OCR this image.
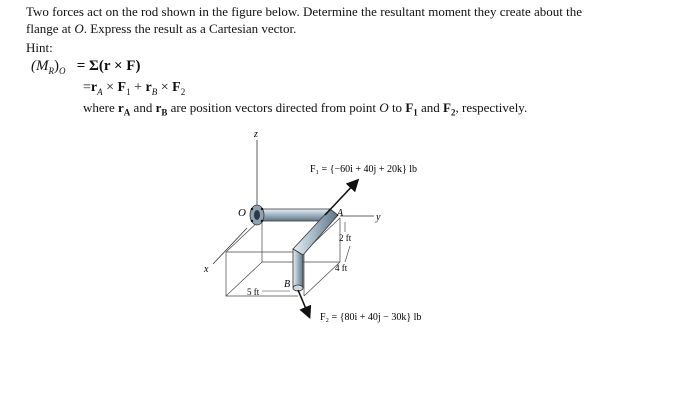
Two forces act on the rod shown in the figure below. Determine the resultant moment they create about the
flange at O. Express the result as a Cartesian vector.
Hint:
$(M_R)_O = \Sigma(r \times F)$
$=r_A \times F_1 + r_B \times F_2$
where $r_A$ and $r_B$ are position vectors directed from point O to $F_1$ and $F_2$, respectively.
F₁ = {−60i + 40j + 20k} lb
F₂ = {80i + 40j − 30k} lb
z
y
x
O	A
B
2 ft
4 ft
5 ft
